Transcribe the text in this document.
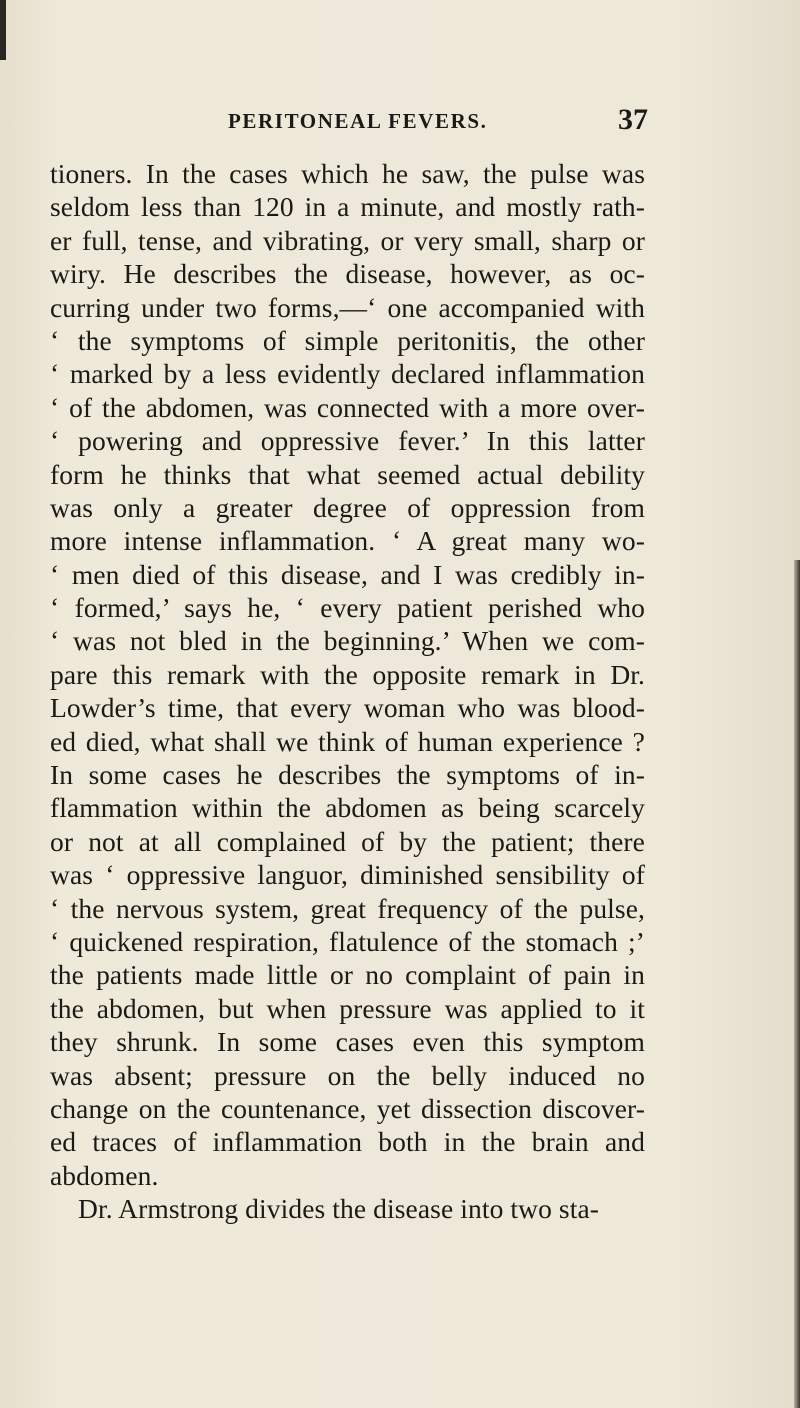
PERITONEAL FEVERS.	37
tioners. In the cases which he saw, the pulse was
seldom less than 120 in a minute, and mostly rath-
er full, tense, and vibrating, or very small, sharp or
wiry. He describes the disease, however, as oc-
curring under two forms,—‘ one accompanied with
‘ the symptoms of simple peritonitis, the other
‘ marked by a less evidently declared inflammation
‘ of the abdomen, was connected with a more over-
‘ powering and oppressive fever.’ In this latter
form he thinks that what seemed actual debility
was only a greater degree of oppression from
more intense inflammation. ‘ A great many wo-
‘ men died of this disease, and I was credibly in-
‘ formed,’ says he, ‘ every patient perished who
‘ was not bled in the beginning.’ When we com-
pare this remark with the opposite remark in Dr.
Lowder’s time, that every woman who was blood-
ed died, what shall we think of human experience ?
In some cases he describes the symptoms of in-
flammation within the abdomen as being scarcely
or not at all complained of by the patient; there
was ‘ oppressive languor, diminished sensibility of
‘ the nervous system, great frequency of the pulse,
‘ quickened respiration, flatulence of the stomach ;’
the patients made little or no complaint of pain in
the abdomen, but when pressure was applied to it
they shrunk. In some cases even this symptom
was absent; pressure on the belly induced no
change on the countenance, yet dissection discover-
ed traces of inflammation both in the brain and
abdomen.
Dr. Armstrong divides the disease into two sta-
